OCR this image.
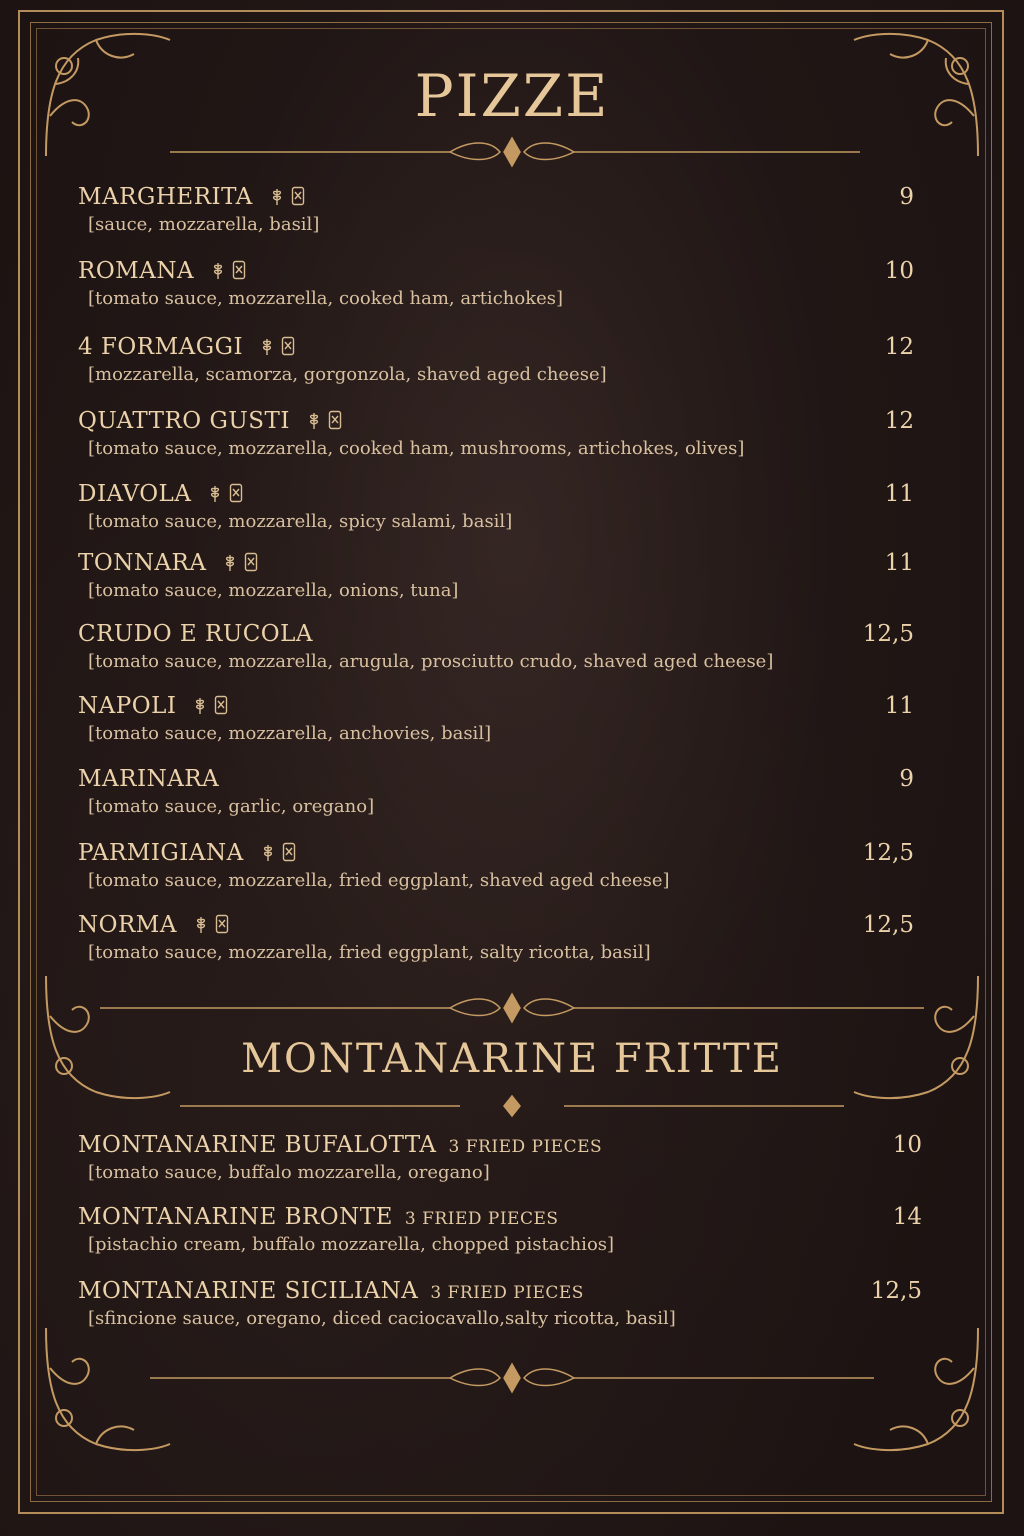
PIZZE
MARGHERITA	9
[sauce, mozzarella, basil]
ROMANA	10
[tomato sauce, mozzarella, cooked ham, artichokes]
4 FORMAGGI	12
[mozzarella, scamorza, gorgonzola, shaved aged cheese]
QUATTRO GUSTI	12
[tomato sauce, mozzarella, cooked ham, mushrooms, artichokes, olives]
DIAVOLA	11
[tomato sauce, mozzarella, spicy salami, basil]
TONNARA	11
[tomato sauce, mozzarella, onions, tuna]
CRUDO E RUCOLA	12,5
[tomato sauce, mozzarella, arugula, prosciutto crudo, shaved aged cheese]
NAPOLI	11
[tomato sauce, mozzarella, anchovies, basil]
MARINARA	9
[tomato sauce, garlic, oregano]
PARMIGIANA	12,5
[tomato sauce, mozzarella, fried eggplant, shaved aged cheese]
NORMA	12,5
[tomato sauce, mozzarella, fried eggplant, salty ricotta, basil]
MONTANARINE FRITTE
MONTANARINE BUFALOTTA 3 FRIED PIECES	10
[tomato sauce, buffalo mozzarella, oregano]
MONTANARINE BRONTE 3 FRIED PIECES	14
[pistachio cream, buffalo mozzarella, chopped pistachios]
MONTANARINE SICILIANA 3 FRIED PIECES	12,5
[sfincione sauce, oregano, diced caciocavallo,salty ricotta, basil]
